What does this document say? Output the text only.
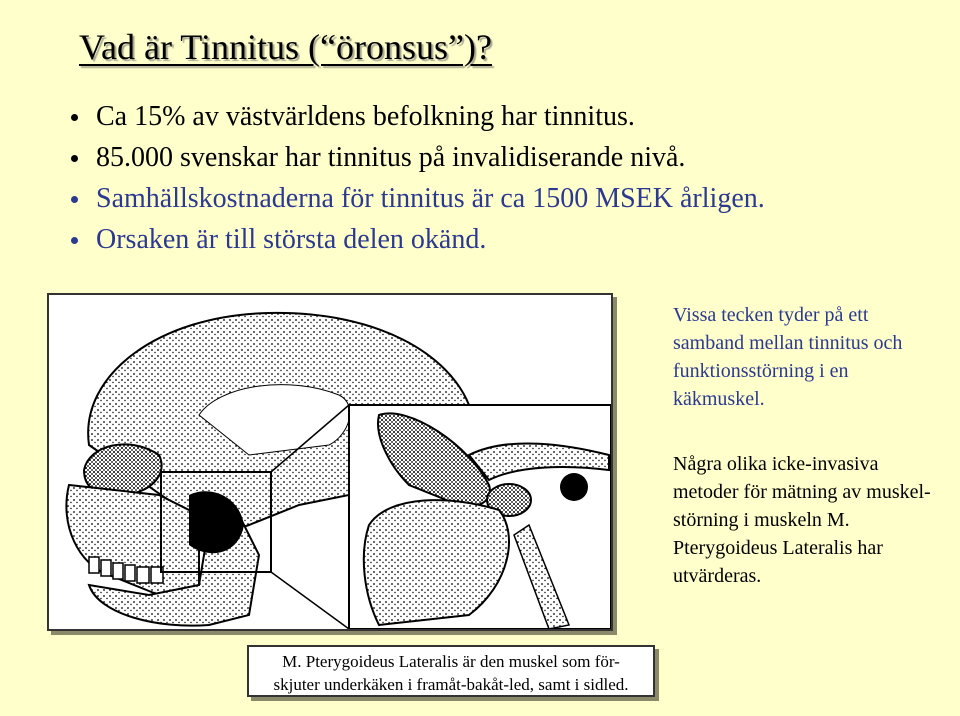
Vad är Tinnitus (“öronsus”)?
Ca 15% av västvärldens befolkning har tinnitus.
85.000 svenskar har tinnitus på invalidiserande nivå.
Samhällskostnaderna för tinnitus är ca 1500 MSEK årligen.
Orsaken är till största delen okänd.
M. Pterygoideus Lateralis är den muskel som för-
skjuter underkäken i framåt-bakåt-led, samt i sidled.
Vissa tecken tyder på ett samband mellan tinnitus och funktionsstörning i en käkmuskel.
Några olika icke-invasiva metoder för mätning av muskel-störning i muskeln M. Pterygoideus Lateralis har utvärderas.
